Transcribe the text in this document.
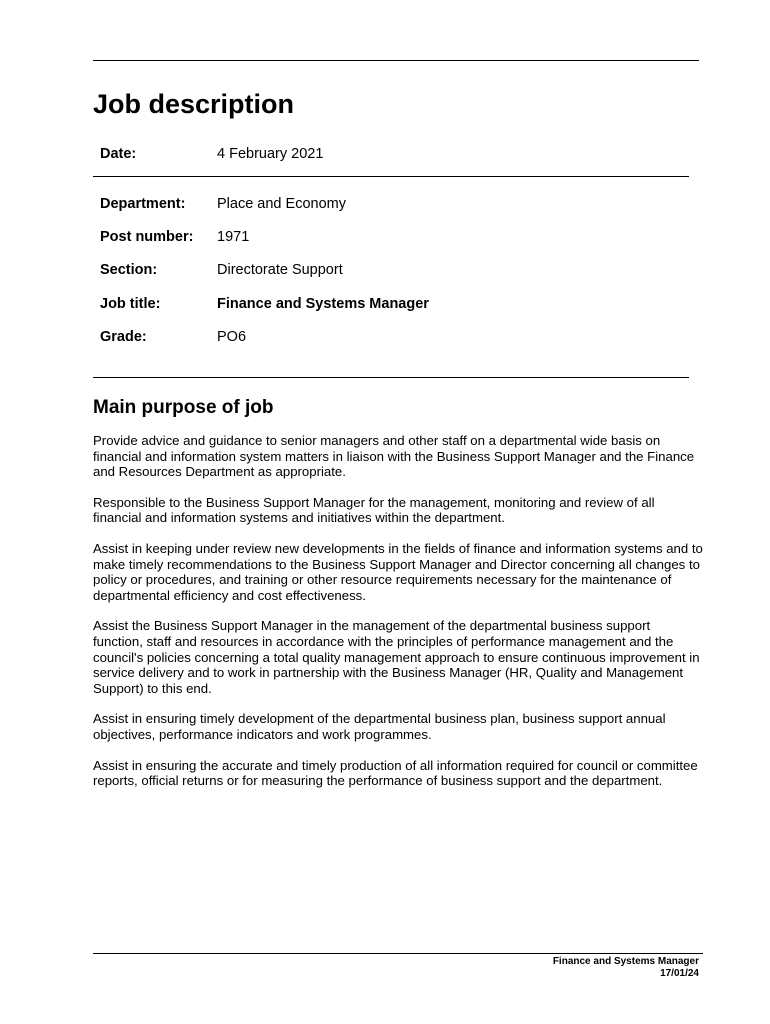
Job description
Date:	4 February 2021
Department: Place and Economy
Post number: 1971
Section:	Directorate Support
Job title:	Finance and Systems Manager
Grade:	PO6
Main purpose of job

Provide advice and guidance to senior managers and other staff on a departmental wide basis on financial and information system matters in liaison with the Business Support Manager and the Finance and Resources Department as appropriate.

Responsible to the Business Support Manager for the management, monitoring and review of all financial and information systems and initiatives within the department.

Assist in keeping under review new developments in the fields of finance and information systems and to make timely recommendations to the Business Support Manager and Director concerning all changes to policy or procedures, and training or other resource requirements necessary for the maintenance of departmental efficiency and cost effectiveness.

Assist the Business Support Manager in the management of the departmental business support function, staff and resources in accordance with the principles of performance management and the council's policies concerning a total quality management approach to ensure continuous improvement in service delivery and to work in partnership with the Business Manager (HR, Quality and Management Support) to this end.

Assist in ensuring timely development of the departmental business plan, business support annual objectives, performance indicators and work programmes.

Assist in ensuring the accurate and timely production of all information required for council or committee reports, official returns or for measuring the performance of business support and the department.

Finance and Systems Manager
17/01/24
